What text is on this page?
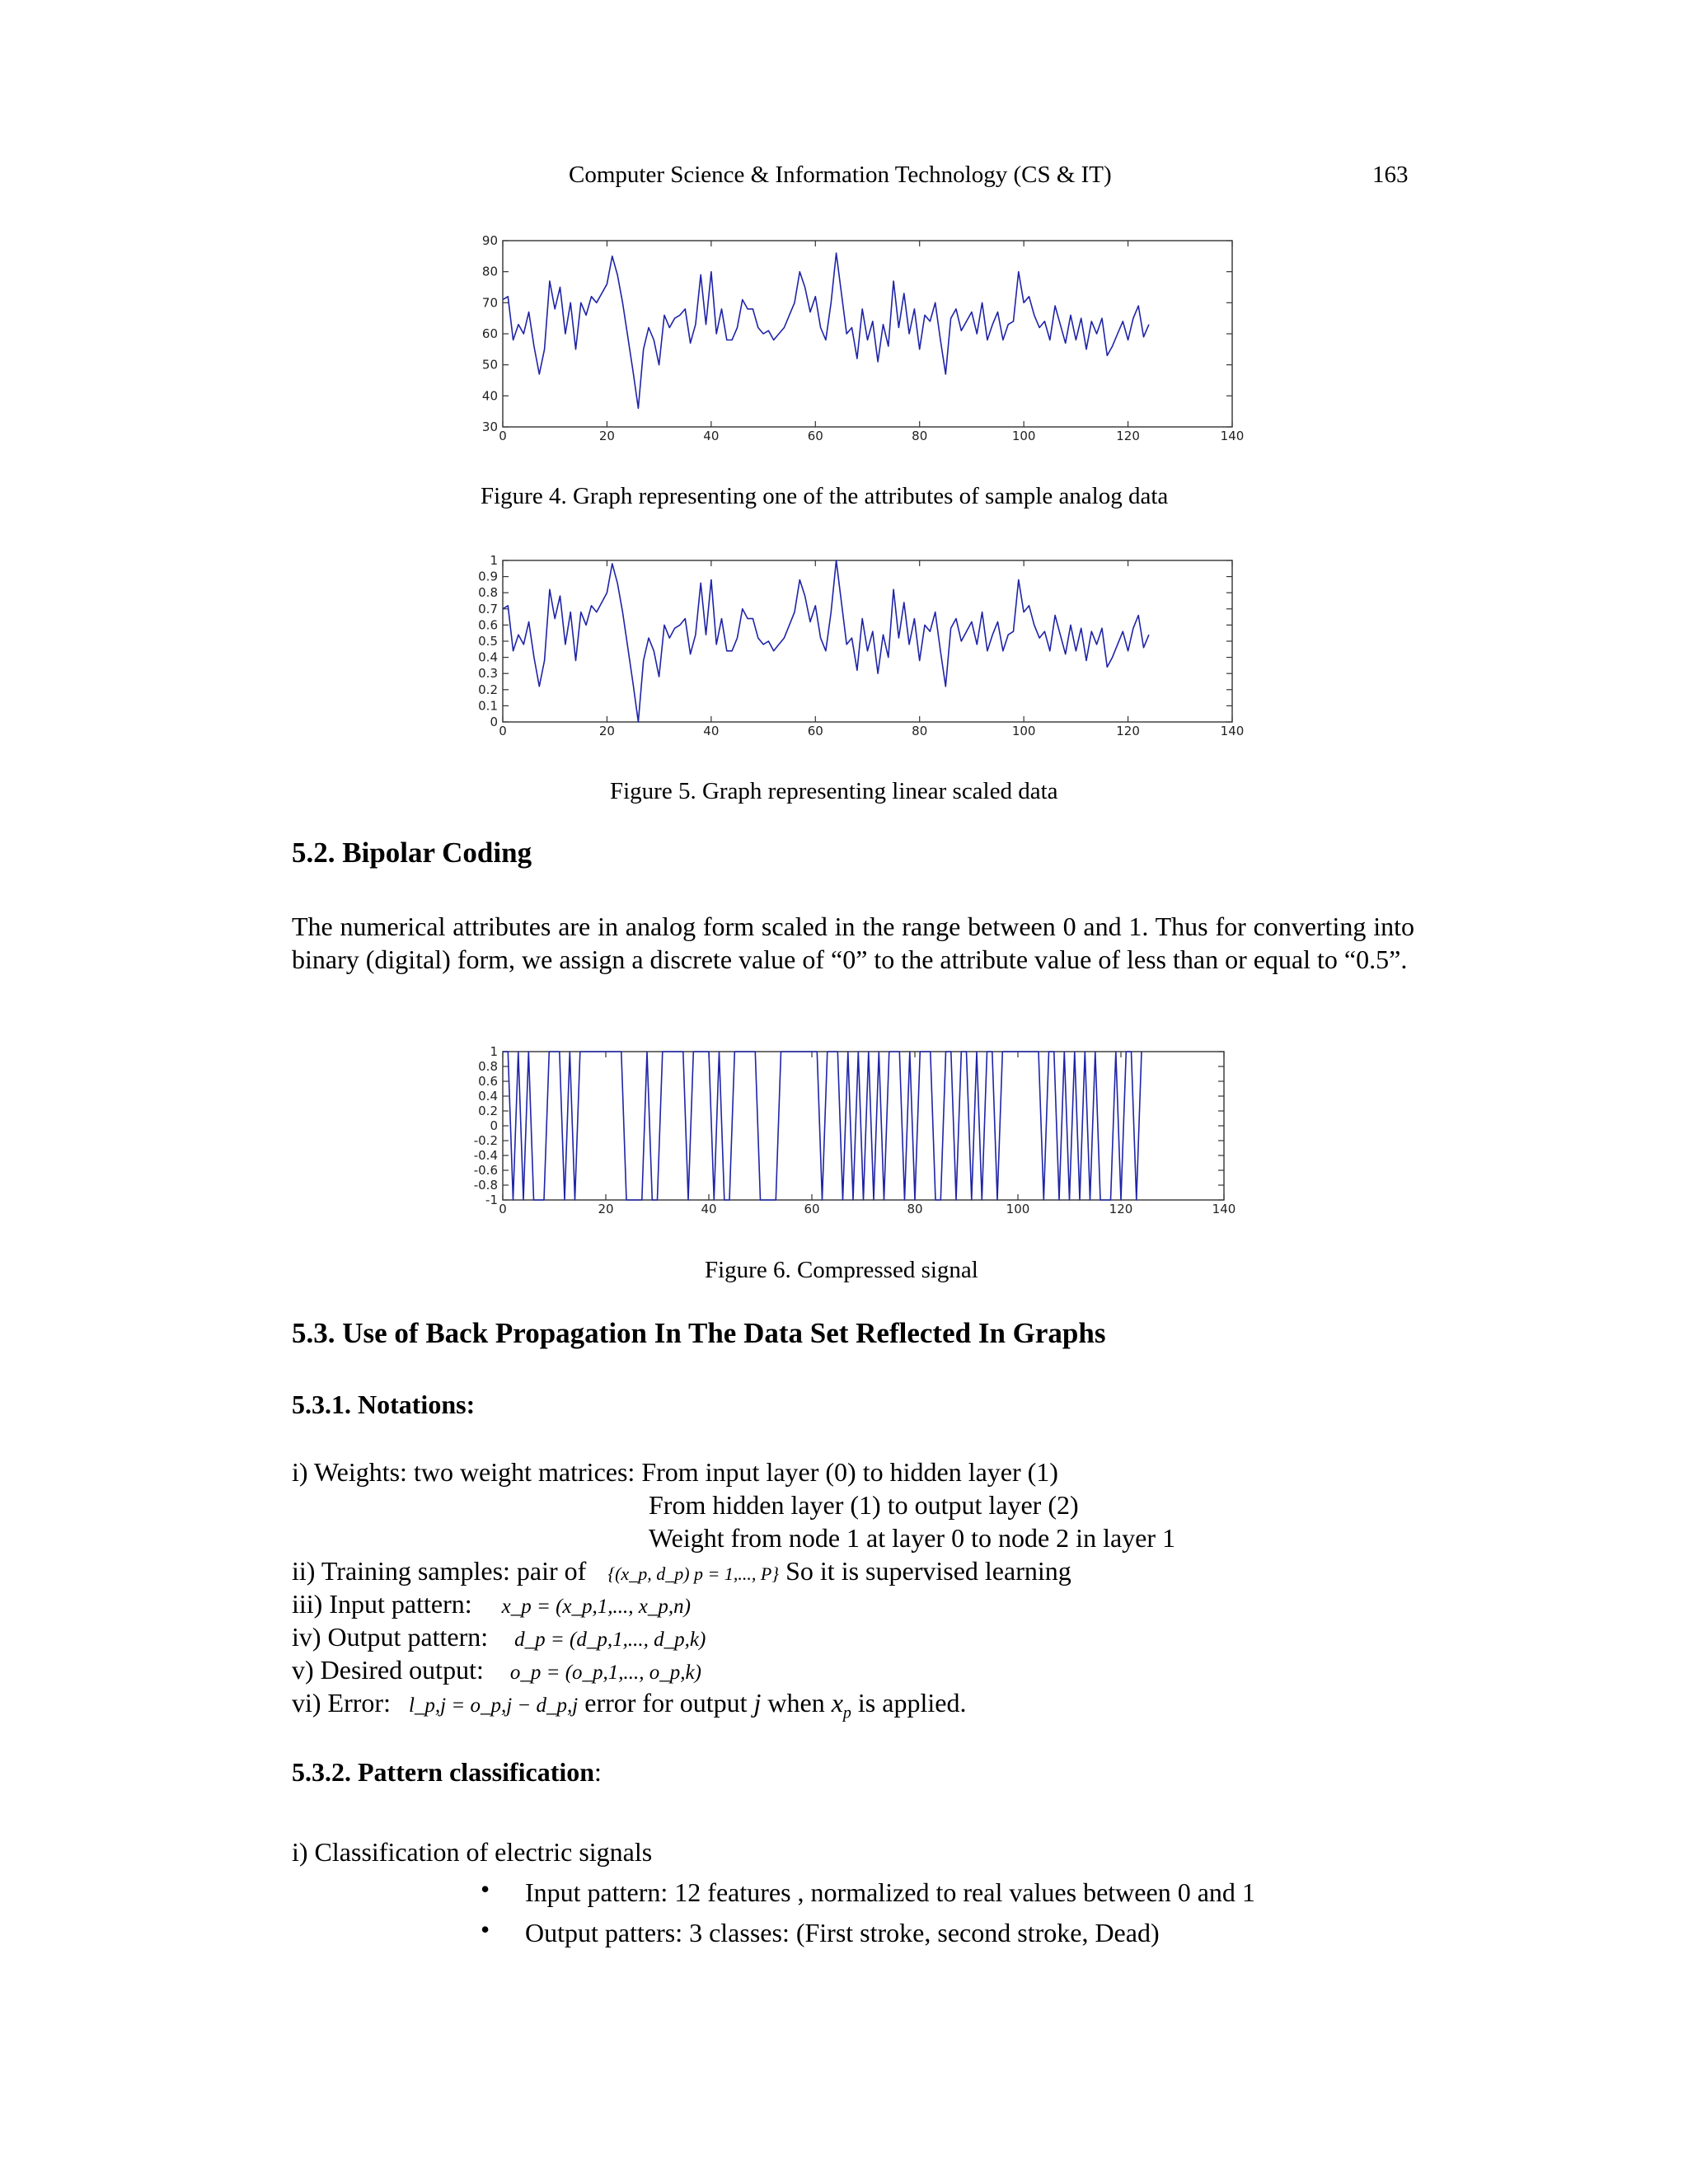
Computer Science & Information Technology (CS & IT)	163
0	20	40	60	80	100	120	140
30
40
50
60
70
80
90
Figure 4. Graph representing one of the attributes of sample analog data
0	20	40	60	80	100	120	140
0
0.1
0.2
0.3
0.4
0.5
0.6
0.7
0.8
0.9
1
Figure 5. Graph representing linear scaled data
5.2. Bipolar Coding
The numerical attributes are in analog form scaled in the range between 0 and 1. Thus for converting into binary (digital) form, we assign a discrete value of “0” to the attribute value of less than or equal to “0.5”.
0	20	40	60	80	100	120	140
-1
-0.8
-0.6
-0.4
-0.2
0
0.2
0.4
0.6
0.8
1
Figure 6. Compressed signal
5.3. Use of Back Propagation In The Data Set Reflected In Graphs
5.3.1. Notations:
i) Weights: two weight matrices: From input layer (0) to hidden layer (1)
From hidden layer (1) to output layer (2)
Weight from node 1 at layer 0 to node 2 in layer 1
ii) Training samples: pair of {(x_p, d_p) p = 1,..., P} So it is supervised learning
iii) Input pattern: x_p = (x_p,1,..., x_p,n)
iv) Output pattern: d_p = (d_p,1,..., d_p,k)
v) Desired output: o_p = (o_p,1,..., o_p,k)
vi) Error: l_p,j = o_p,j − d_p,j error for output j when $x_p$ is applied.
5.3.2. Pattern classification:
i) Classification of electric signals
• Input pattern: 12 features , normalized to real values between 0 and 1
• Output patters: 3 classes: (First stroke, second stroke, Dead)
